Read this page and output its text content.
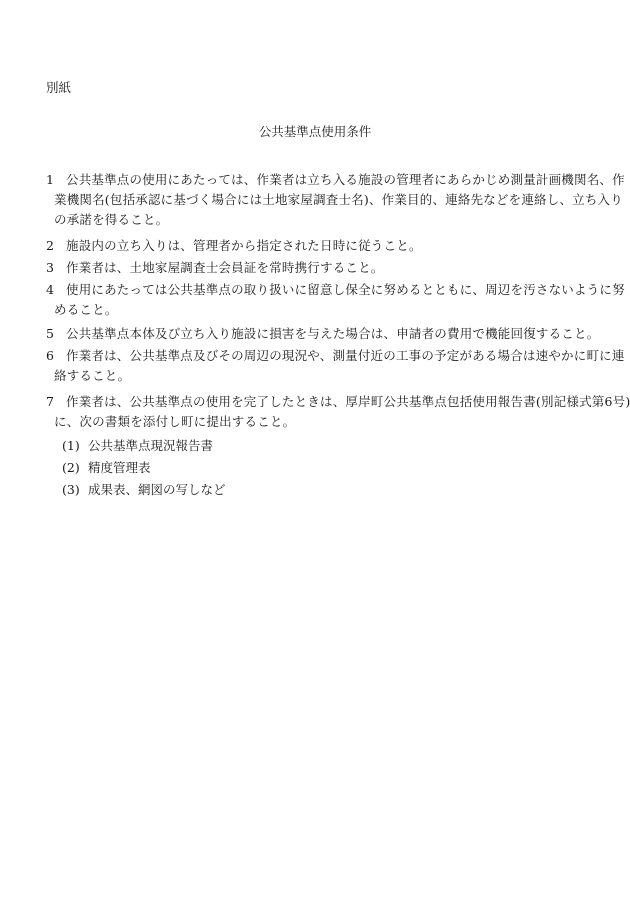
別紙
公共基準点使用条件
1 公共基準点の使用にあたっては、作業者は立ち入る施設の管理者にあらかじめ測量計画機関名、作
業機関名(包括承認に基づく場合には土地家屋調査士名)、作業目的、連絡先などを連絡し、立ち入り
の承諾を得ること。
2 施設内の立ち入りは、管理者から指定された日時に従うこと。
3 作業者は、土地家屋調査士会員証を常時携行すること。
4 使用にあたっては公共基準点の取り扱いに留意し保全に努めるとともに、周辺を汚さないように努
めること。
5 公共基準点本体及び立ち入り施設に損害を与えた場合は、申請者の費用で機能回復すること。
6 作業者は、公共基準点及びその周辺の現況や、測量付近の工事の予定がある場合は速やかに町に連
絡すること。
7 作業者は、公共基準点の使用を完了したときは、厚岸町公共基準点包括使用報告書(別記様式第6号)
に、次の書類を添付し町に提出すること。
(1) 公共基準点現況報告書
(2) 精度管理表
(3) 成果表、網図の写しなど
